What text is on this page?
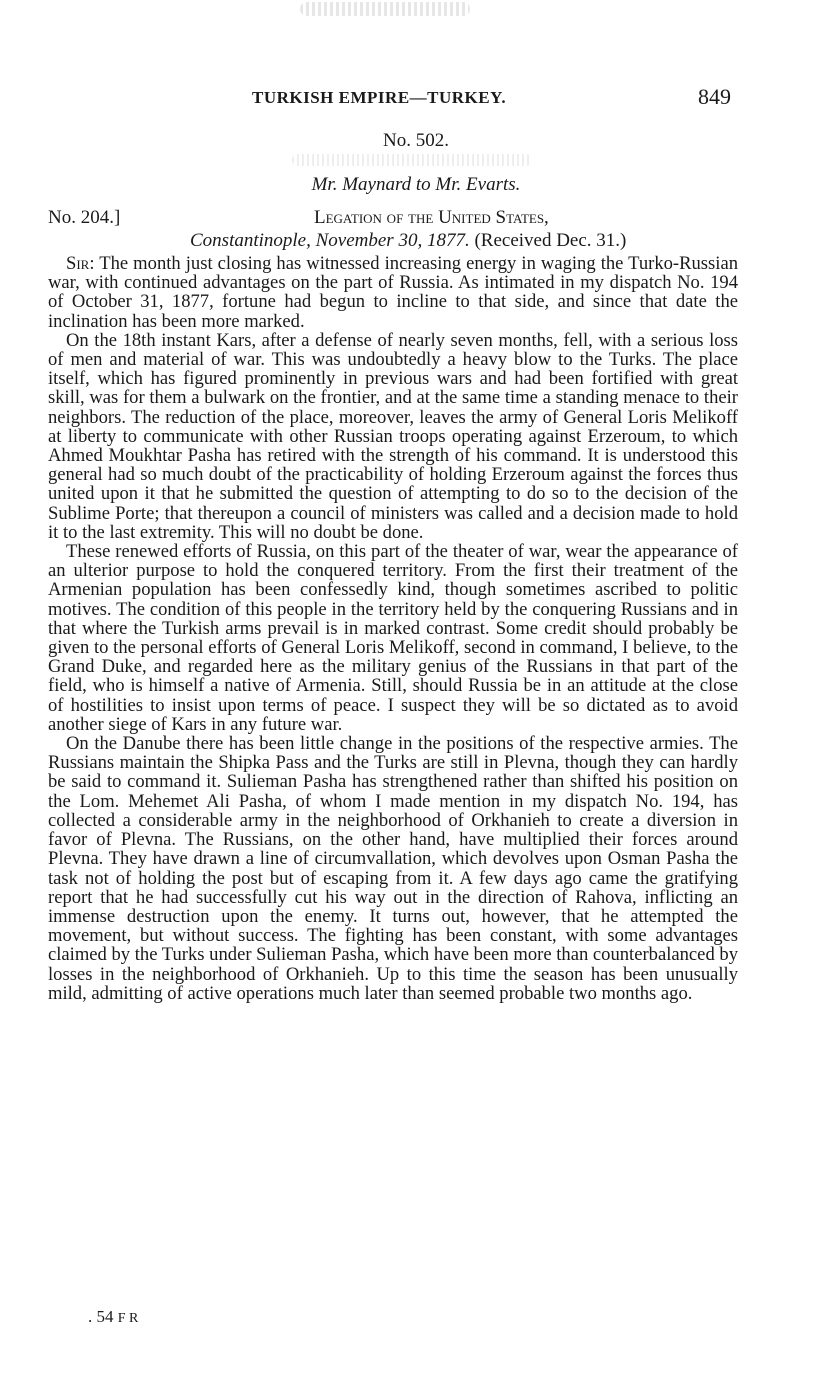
TURKISH EMPIRE—TURKEY.	849
No. 502.
Mr. Maynard to Mr. Evarts.
No. 204.]	Legation of the United States,
Constantinople, November 30, 1877. (Received Dec. 31.)

Sir: The month just closing has witnessed increasing energy in waging the Turko-Russian war, with continued advantages on the part of Russia. As intimated in my dispatch No. 194 of October 31, 1877, fortune had begun to incline to that side, and since that date the inclination has been more marked.

On the 18th instant Kars, after a defense of nearly seven months, fell, with a serious loss of men and material of war. This was undoubtedly a heavy blow to the Turks. The place itself, which has figured prominently in previous wars and had been fortified with great skill, was for them a bulwark on the frontier, and at the same time a standing menace to their neighbors. The reduction of the place, moreover, leaves the army of General Loris Melikoff at liberty to communicate with other Russian troops operating against Erzeroum, to which Ahmed Moukhtar Pasha has retired with the strength of his command. It is understood this general had so much doubt of the practicability of holding Erzeroum against the forces thus united upon it that he submitted the question of attempting to do so to the decision of the Sublime Porte; that thereupon a council of ministers was called and a decision made to hold it to the last extremity. This will no doubt be done.

These renewed efforts of Russia, on this part of the theater of war, wear the appearance of an ulterior purpose to hold the conquered territory. From the first their treatment of the Armenian population has been confessedly kind, though sometimes ascribed to politic motives. The condition of this people in the territory held by the conquering Russians and in that where the Turkish arms prevail is in marked contrast. Some credit should probably be given to the personal efforts of General Loris Melikoff, second in command, I believe, to the Grand Duke, and regarded here as the military genius of the Russians in that part of the field, who is himself a native of Armenia. Still, should Russia be in an attitude at the close of hostilities to insist upon terms of peace. I suspect they will be so dictated as to avoid another siege of Kars in any future war.

On the Danube there has been little change in the positions of the respective armies. The Russians maintain the Shipka Pass and the Turks are still in Plevna, though they can hardly be said to command it. Sulieman Pasha has strengthened rather than shifted his position on the Lom. Mehemet Ali Pasha, of whom I made mention in my dispatch No. 194, has collected a considerable army in the neighborhood of Orkhanieh to create a diversion in favor of Plevna. The Russians, on the other hand, have multiplied their forces around Plevna. They have drawn a line of circumvallation, which devolves upon Osman Pasha the task not of holding the post but of escaping from it. A few days ago came the gratifying report that he had successfully cut his way out in the direction of Rahova, inflicting an immense destruction upon the enemy. It turns out, however, that he attempted the movement, but without success. The fighting has been constant, with some advantages claimed by the Turks under Sulieman Pasha, which have been more than counterbalanced by losses in the neighborhood of Orkhanieh. Up to this time the season has been unusually mild, admitting of active operations much later than seemed probable two months ago.

. 54 F R
